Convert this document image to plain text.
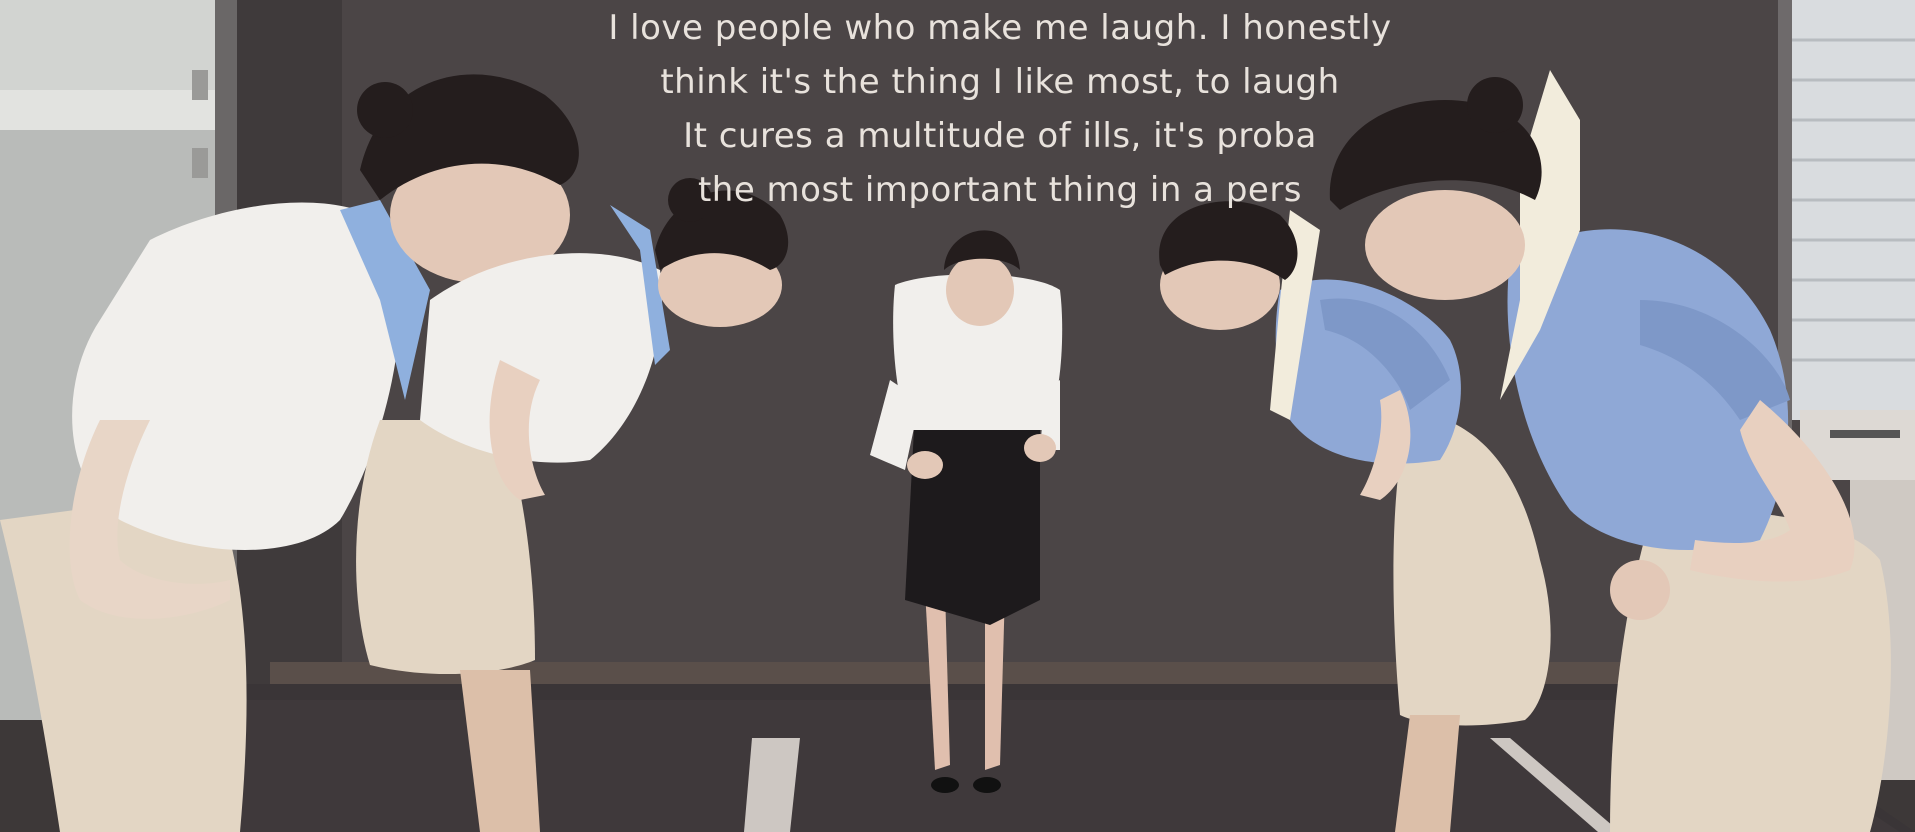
I love people who make me laugh. I honestly
think it's the thing I like most, to laugh
It cures a multitude of ills, it's proba
the most important thing in a pers
